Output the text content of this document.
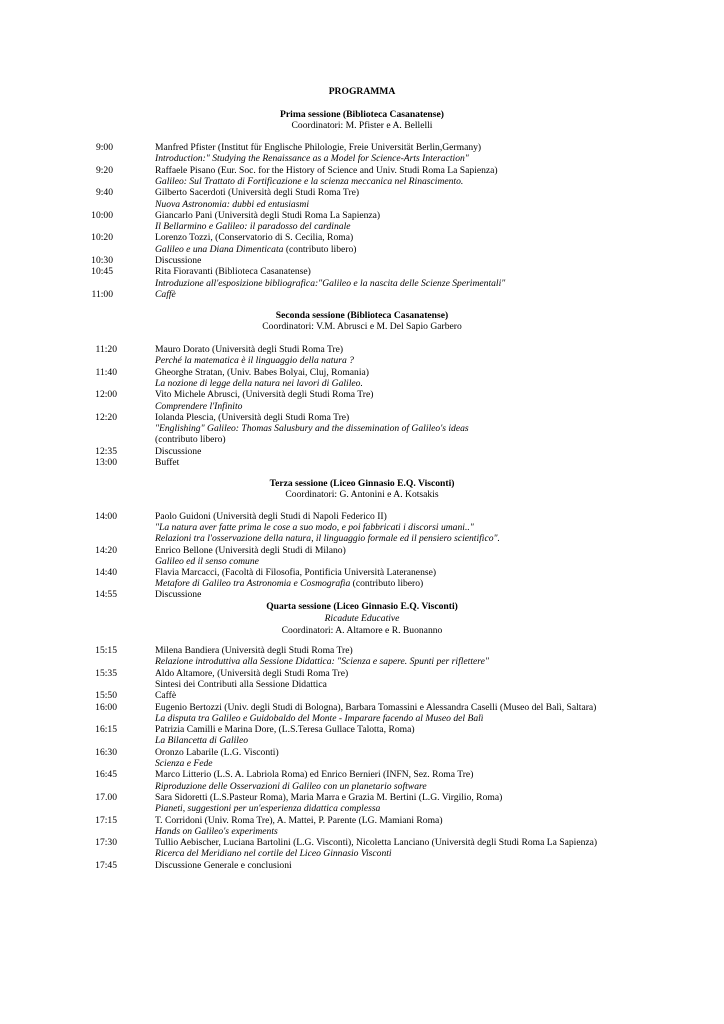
PROGRAMMA
Prima sessione (Biblioteca Casanatense)
Coordinatori: M. Pfister e A. Bellelli
9:00	Manfred Pfister (Institut für Englische Philologie, Freie Universität Berlin,Germany)
Introduction:" Studying the Renaissance as a Model for Science-Arts Interaction"
9:20	Raffaele Pisano (Eur. Soc. for the History of Science and Univ. Studi Roma La Sapienza)
Galileo: Sul Trattato di Fortificazione e la scienza meccanica nel Rinascimento.
9:40	Gilberto Sacerdoti (Università degli Studi Roma Tre)
Nuova Astronomia: dubbi ed entusiasmi
10:00	Giancarlo Pani (Università degli Studi Roma La Sapienza)
Il Bellarmino e Galileo: il paradosso del cardinale
10:20	Lorenzo Tozzi, (Conservatorio di S. Cecilia, Roma)
Galileo e una Diana Dimenticata (contributo libero)
10:30	Discussione
10:45	Rita Fioravanti (Biblioteca Casanatense)
Introduzione all'esposizione bibliografica:"Galileo e la nascita delle Scienze Sperimentali"
11:00	Caffè
Seconda sessione (Biblioteca Casanatense)
Coordinatori: V.M. Abrusci e M. Del Sapio Garbero
11:20	Mauro Dorato (Università degli Studi Roma Tre)
Perché la matematica è il linguaggio della natura ?
11:40	Gheorghe Stratan, (Univ. Babes Bolyai, Cluj, Romania)
La nozione di legge della natura nei lavori di Galileo.
12:00	Vito Michele Abrusci, (Università degli Studi Roma Tre)
Comprendere l'Infinito
12:20	Iolanda Plescia, (Università degli Studi Roma Tre)
"Englishing" Galileo: Thomas Salusbury and the dissemination of Galileo's ideas
(contributo libero)
12:35	Discussione
13:00	Buffet
Terza sessione (Liceo Ginnasio E.Q. Visconti)
Coordinatori: G. Antonini e A. Kotsakis
14:00	Paolo Guidoni (Università degli Studi di Napoli Federico II)
"La natura aver fatte prima le cose a suo modo, e poi fabbricati i discorsi umani.."
Relazioni tra l'osservazione della natura, il linguaggio formale ed il pensiero scientifico".
14:20	Enrico Bellone (Università degli Studi di Milano)
Galileo ed il senso comune
14:40	Flavia Marcacci, (Facoltà di Filosofia, Pontificia Università Lateranense)
Metafore di Galileo tra Astronomia e Cosmografia (contributo libero)
14:55	Discussione
Quarta sessione (Liceo Ginnasio E.Q. Visconti)
Ricadute Educative
Coordinatori: A. Altamore e R. Buonanno
15:15	Milena Bandiera (Università degli Studi Roma Tre)
Relazione introduttiva alla Sessione Didattica: "Scienza e sapere. Spunti per riflettere"
15:35	Aldo Altamore, (Università degli Studi Roma Tre)
Sintesi dei Contributi alla Sessione Didattica
15:50	Caffè
16:00	Eugenio Bertozzi (Univ. degli Studi di Bologna), Barbara Tomassini e Alessandra Caselli (Museo del Balì, Saltara)
La disputa tra Galileo e Guidobaldo del Monte - Imparare facendo al Museo del Balì
16:15	Patrizia Camilli e Marina Dore, (L.S.Teresa Gullace Talotta, Roma)
La Bilancetta di Galileo
16:30	Oronzo Labarile (L.G. Visconti)
Scienza e Fede
16:45	Marco Litterio (L.S. A. Labriola Roma) ed Enrico Bernieri (INFN, Sez. Roma Tre)
Riproduzione delle Osservazioni di Galileo con un planetario software
17.00	Sara Sidoretti (L.S.Pasteur Roma), Maria Marra e Grazia M. Bertini (L.G. Virgilio, Roma)
Pianeti, suggestioni per un'esperienza didattica complessa
17:15	T. Corridoni (Univ. Roma Tre), A. Mattei, P. Parente (LG. Mamiani Roma)
Hands on Galileo's experiments
17:30	Tullio Aebischer, Luciana Bartolini (L.G. Visconti), Nicoletta Lanciano (Università degli Studi Roma La Sapienza)
Ricerca del Meridiano nel cortile del Liceo Ginnasio Visconti
17:45	Discussione Generale e conclusioni
